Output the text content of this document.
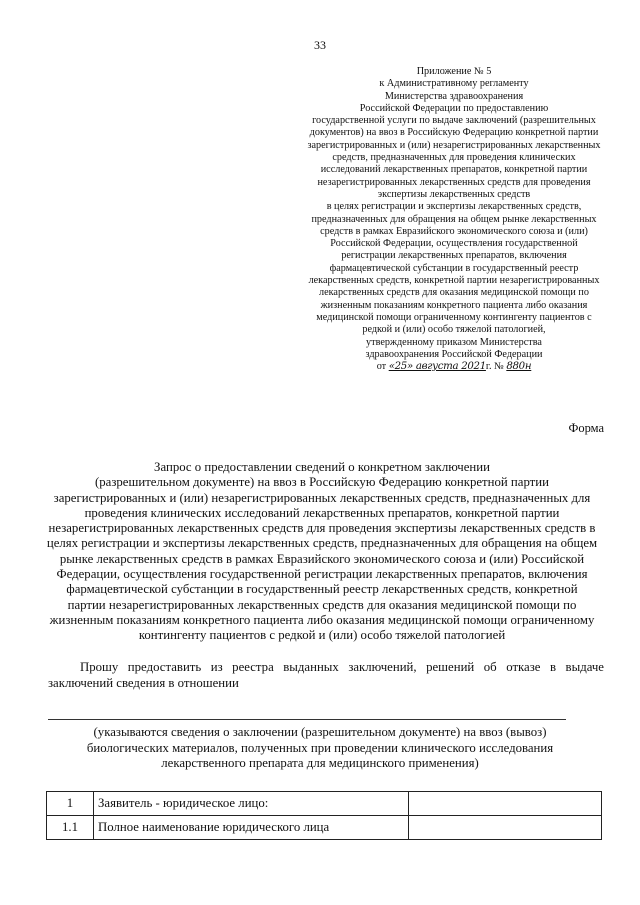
33
Приложение № 5
к Административному регламенту
Министерства здравоохранения
Российской Федерации по предоставлению
государственной услуги по выдаче заключений (разрешительных
документов) на ввоз в Российскую Федерацию конкретной партии
зарегистрированных и (или) незарегистрированных лекарственных
средств, предназначенных для проведения клинических
исследований лекарственных препаратов, конкретной партии
незарегистрированных лекарственных средств для проведения
экспертизы лекарственных средств
в целях регистрации и экспертизы лекарственных средств,
предназначенных для обращения на общем рынке лекарственных
средств в рамках Евразийского экономического союза и (или)
Российской Федерации, осуществления государственной
регистрации лекарственных препаратов, включения
фармацевтической субстанции в государственный реестр
лекарственных средств, конкретной партии незарегистрированных
лекарственных средств для оказания медицинской помощи по
жизненным показаниям конкретного пациента либо оказания
медицинской помощи ограниченному контингенту пациентов с
редкой и (или) особо тяжелой патологией,
утвержденному приказом Министерства
здравоохранения Российской Федерации
от «25» августа 2021г. № 880н
Форма
Запрос о предоставлении сведений о конкретном заключении
(разрешительном документе) на ввоз в Российскую Федерацию конкретной партии
зарегистрированных и (или) незарегистрированных лекарственных средств, предназначенных для
проведения клинических исследований лекарственных препаратов, конкретной партии
незарегистрированных лекарственных средств для проведения экспертизы лекарственных средств в
целях регистрации и экспертизы лекарственных средств, предназначенных для обращения на общем
рынке лекарственных средств в рамках Евразийского экономического союза и (или) Российской
Федерации, осуществления государственной регистрации лекарственных препаратов, включения
фармацевтической субстанции в государственный реестр лекарственных средств, конкретной
партии незарегистрированных лекарственных средств для оказания медицинской помощи по
жизненным показаниям конкретного пациента либо оказания медицинской помощи ограниченному
контингенту пациентов с редкой и (или) особо тяжелой патологией
Прошу предоставить из реестра выданных заключений, решений об отказе в выдаче
заключений сведения в отношении
(указываются сведения о заключении (разрешительном документе) на ввоз (вывоз)
биологических материалов, полученных при проведении клинического исследования
лекарственного препарата для медицинского применения)
1	Заявитель - юридическое лицо:	
1.1	Полное наименование юридического лица	
